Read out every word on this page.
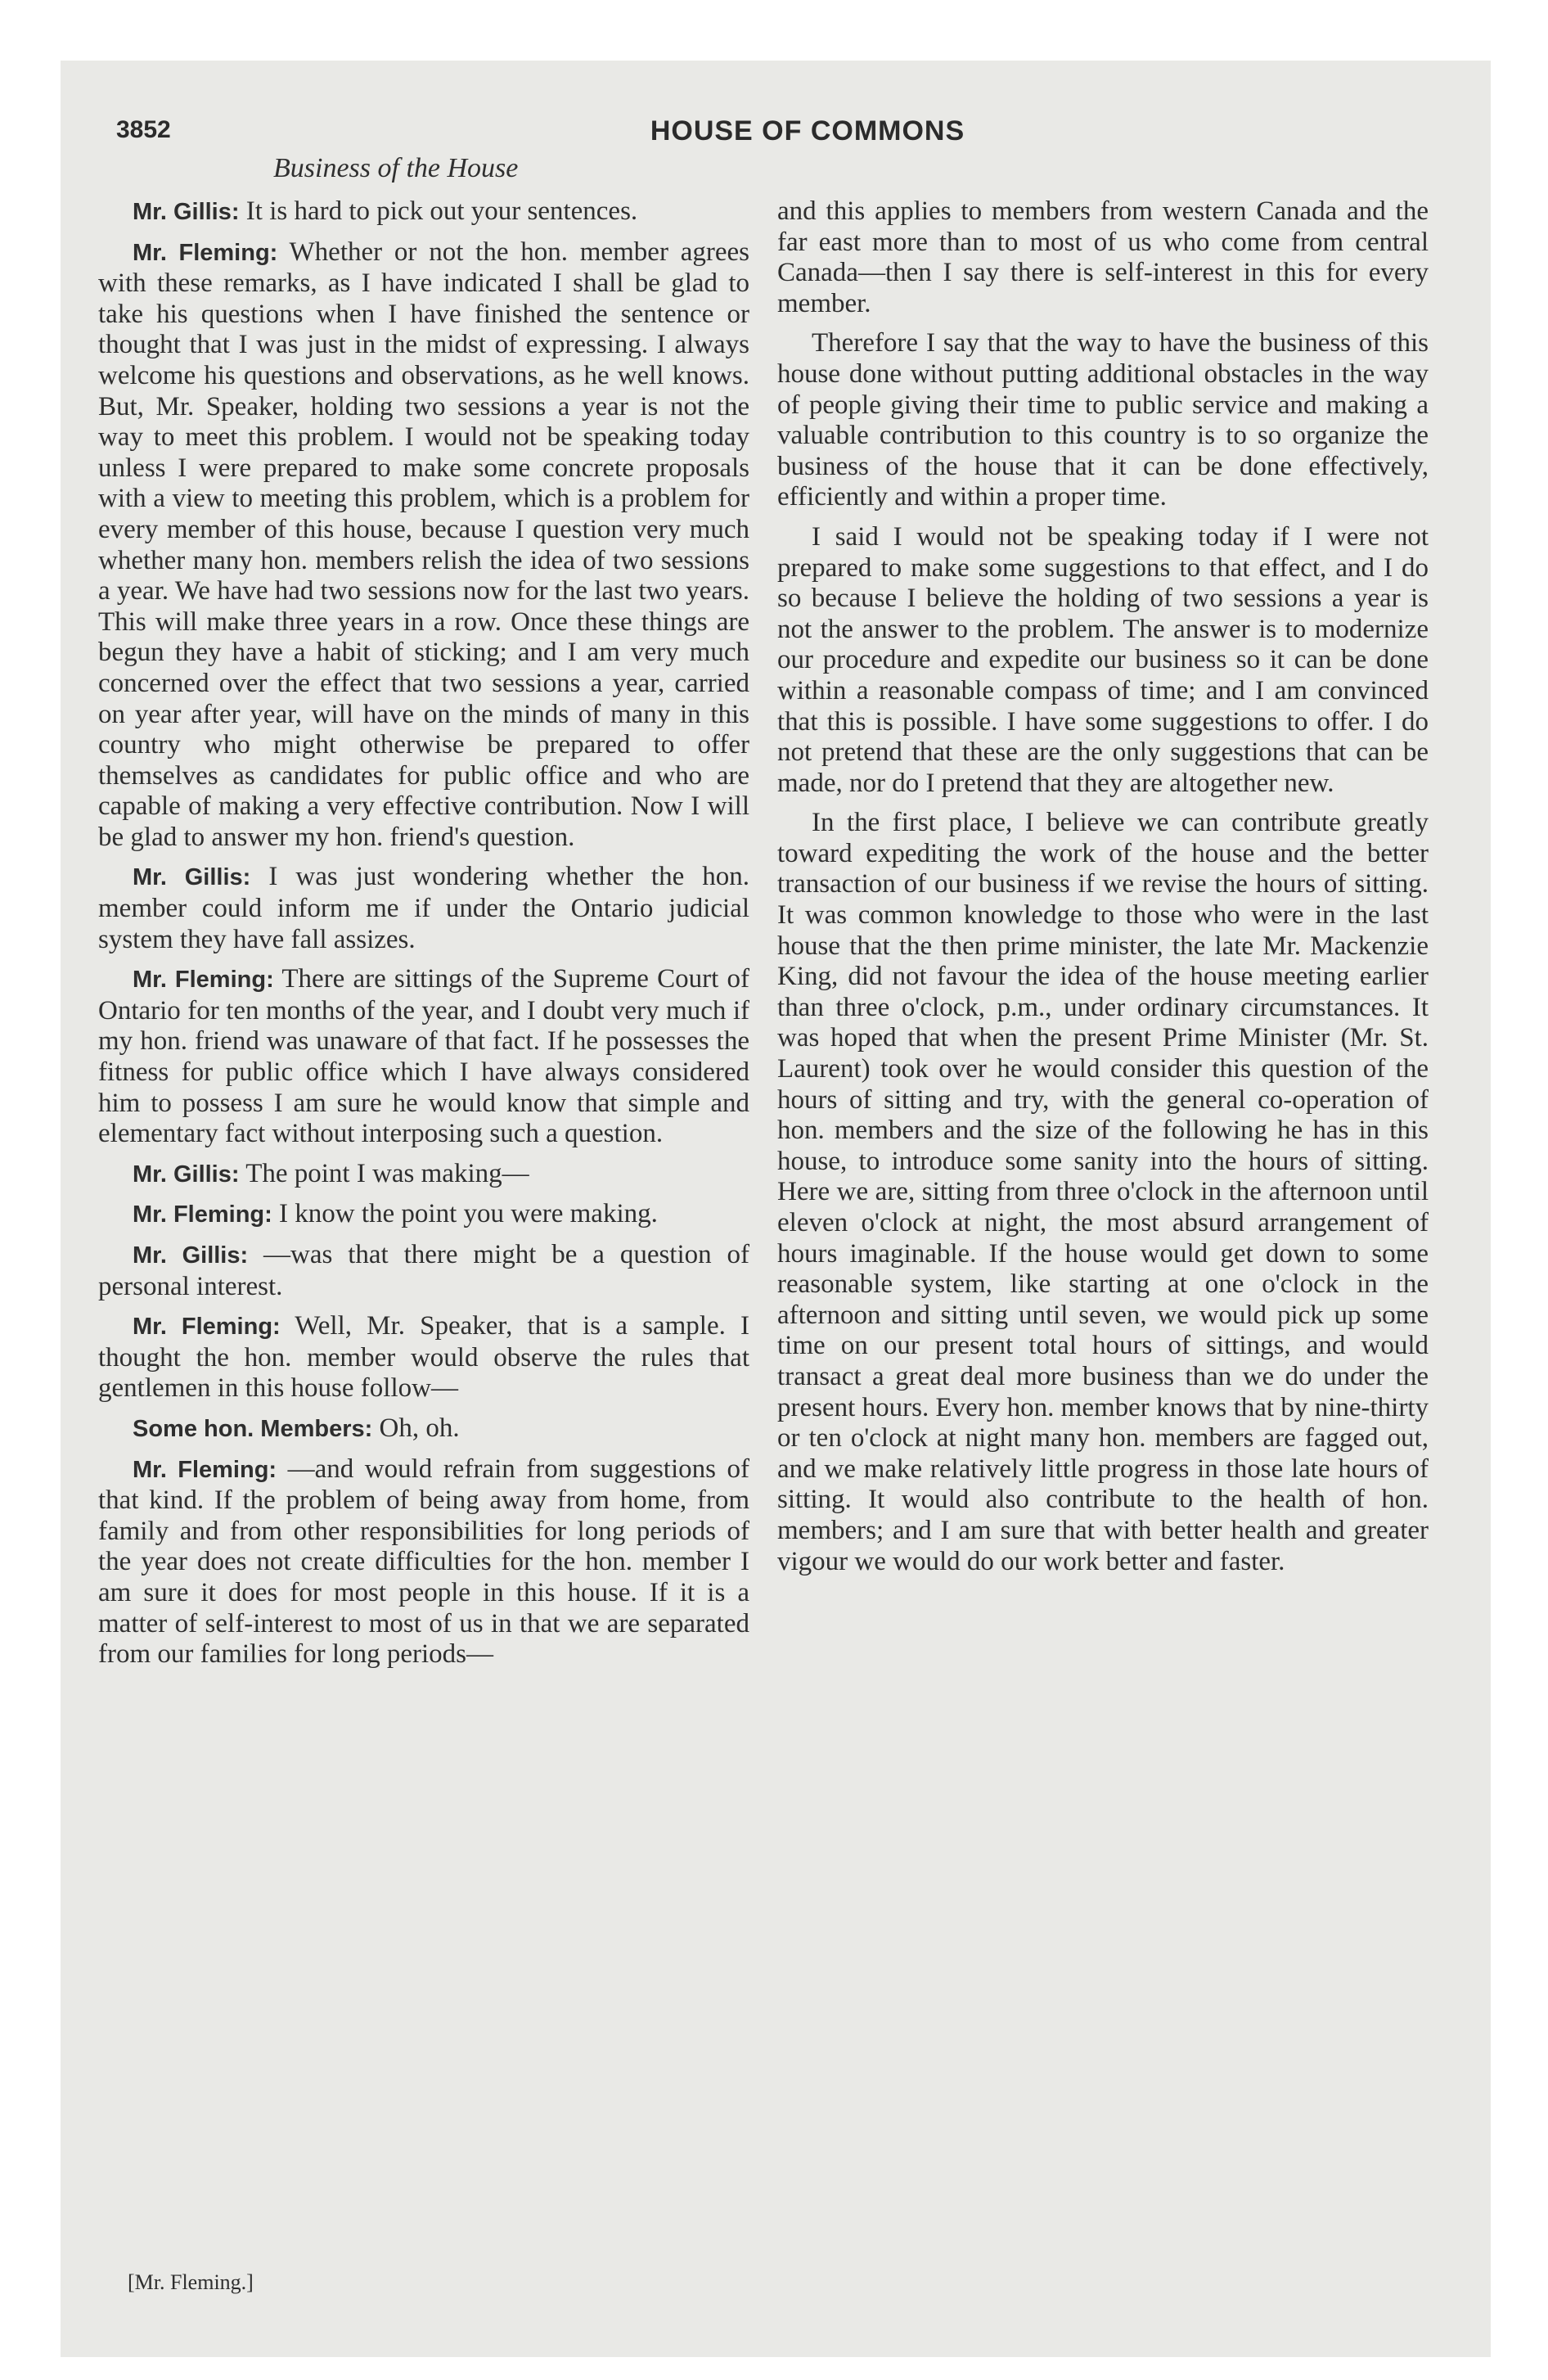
3852	HOUSE OF COMMONS
Business of the House

Mr. Gillis: It is hard to pick out your sentences.

Mr. Fleming: Whether or not the hon. member agrees with these remarks, as I have indicated I shall be glad to take his questions when I have finished the sentence or thought that I was just in the midst of expressing. I always welcome his questions and observations, as he well knows. But, Mr. Speaker, holding two sessions a year is not the way to meet this problem. I would not be speaking today unless I were prepared to make some concrete proposals with a view to meeting this problem, which is a problem for every member of this house, because I question very much whether many hon. members relish the idea of two sessions a year. We have had two sessions now for the last two years. This will make three years in a row. Once these things are begun they have a habit of sticking; and I am very much concerned over the effect that two sessions a year, carried on year after year, will have on the minds of many in this country who might otherwise be prepared to offer themselves as candidates for public office and who are capable of making a very effective contribution. Now I will be glad to answer my hon. friend's question.

Mr. Gillis: I was just wondering whether the hon. member could inform me if under the Ontario judicial system they have fall assizes.

Mr. Fleming: There are sittings of the Supreme Court of Ontario for ten months of the year, and I doubt very much if my hon. friend was unaware of that fact. If he possesses the fitness for public office which I have always considered him to possess I am sure he would know that simple and elementary fact without interposing such a question.

Mr. Gillis: The point I was making—

Mr. Fleming: I know the point you were making.

Mr. Gillis: —was that there might be a question of personal interest.

Mr. Fleming: Well, Mr. Speaker, that is a sample. I thought the hon. member would observe the rules that gentlemen in this house follow—

Some hon. Members: Oh, oh.

Mr. Fleming: —and would refrain from suggestions of that kind. If the problem of being away from home, from family and from other responsibilities for long periods of the year does not create difficulties for the hon. member I am sure it does for most people in this house. If it is a matter of self-interest to most of us in that we are separated from our families for long periods—

and this applies to members from western Canada and the far east more than to most of us who come from central Canada—then I say there is self-interest in this for every member.

Therefore I say that the way to have the business of this house done without putting additional obstacles in the way of people giving their time to public service and making a valuable contribution to this country is to so organize the business of the house that it can be done effectively, efficiently and within a proper time.

I said I would not be speaking today if I were not prepared to make some suggestions to that effect, and I do so because I believe the holding of two sessions a year is not the answer to the problem. The answer is to modernize our procedure and expedite our business so it can be done within a reasonable compass of time; and I am convinced that this is possible. I have some suggestions to offer. I do not pretend that these are the only suggestions that can be made, nor do I pretend that they are altogether new.

In the first place, I believe we can contribute greatly toward expediting the work of the house and the better transaction of our business if we revise the hours of sitting. It was common knowledge to those who were in the last house that the then prime minister, the late Mr. Mackenzie King, did not favour the idea of the house meeting earlier than three o'clock, p.m., under ordinary circumstances. It was hoped that when the present Prime Minister (Mr. St. Laurent) took over he would consider this question of the hours of sitting and try, with the general co-operation of hon. members and the size of the following he has in this house, to introduce some sanity into the hours of sitting. Here we are, sitting from three o'clock in the afternoon until eleven o'clock at night, the most absurd arrangement of hours imaginable. If the house would get down to some reasonable system, like starting at one o'clock in the afternoon and sitting until seven, we would pick up some time on our present total hours of sittings, and would transact a great deal more business than we do under the present hours. Every hon. member knows that by nine-thirty or ten o'clock at night many hon. members are fagged out, and we make relatively little progress in those late hours of sitting. It would also contribute to the health of hon. members; and I am sure that with better health and greater vigour we would do our work better and faster.

[Mr. Fleming.]
